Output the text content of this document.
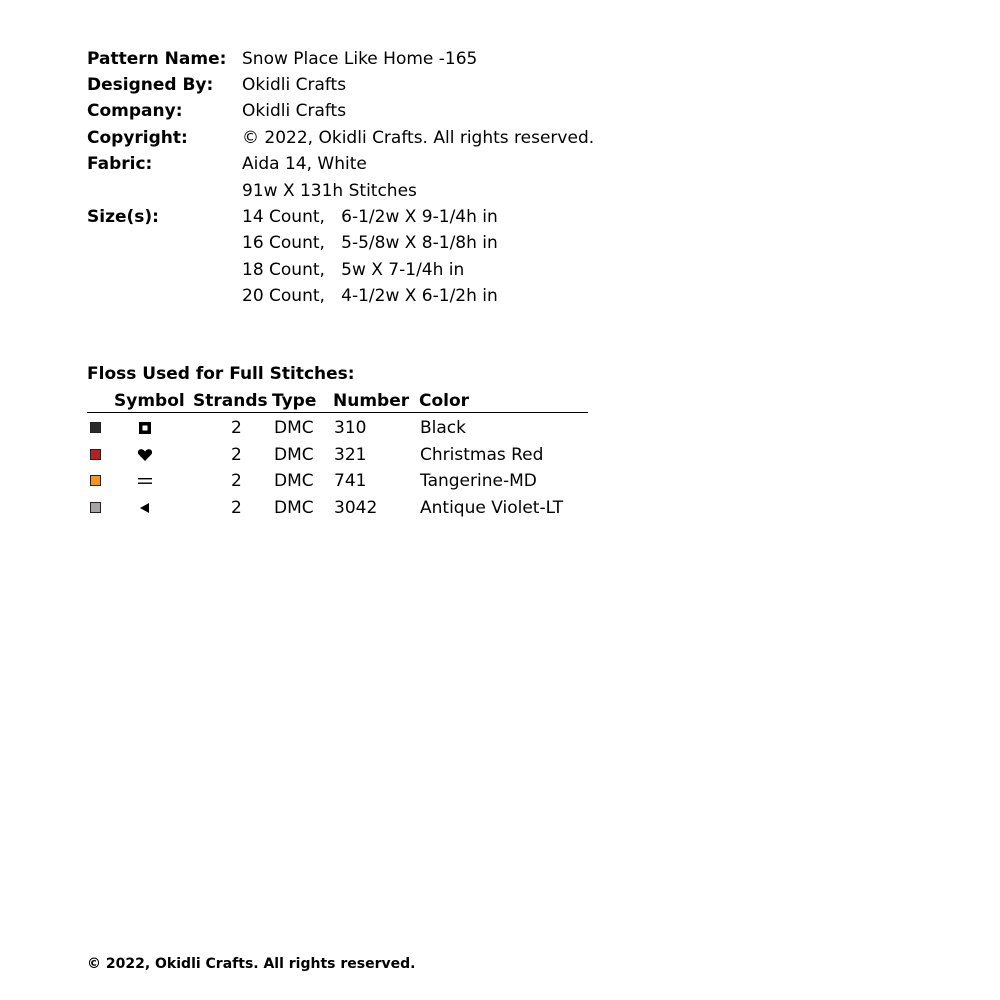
Pattern Name: Snow Place Like Home -165
Designed By: Okidli Crafts
Company:	Okidli Crafts
Copyright:	© 2022, Okidli Crafts. All rights reserved.
Fabric:	Aida 14, White
91w X 131h Stitches
Size(s):	14 Count,   6-1/2w X 9-1/4h in
16 Count,   5-5/8w X 8-1/8h in
18 Count,   5w X 7-1/4h in
20 Count,   4-1/2w X 6-1/2h in
Floss Used for Full Stitches:
Symbol Strands Type Number Color
2 DMC 310	Black
2 DMC 321	Christmas Red
2 DMC 741	Tangerine-MD
2 DMC 3042	Antique Violet-LT
© 2022, Okidli Crafts. All rights reserved.
